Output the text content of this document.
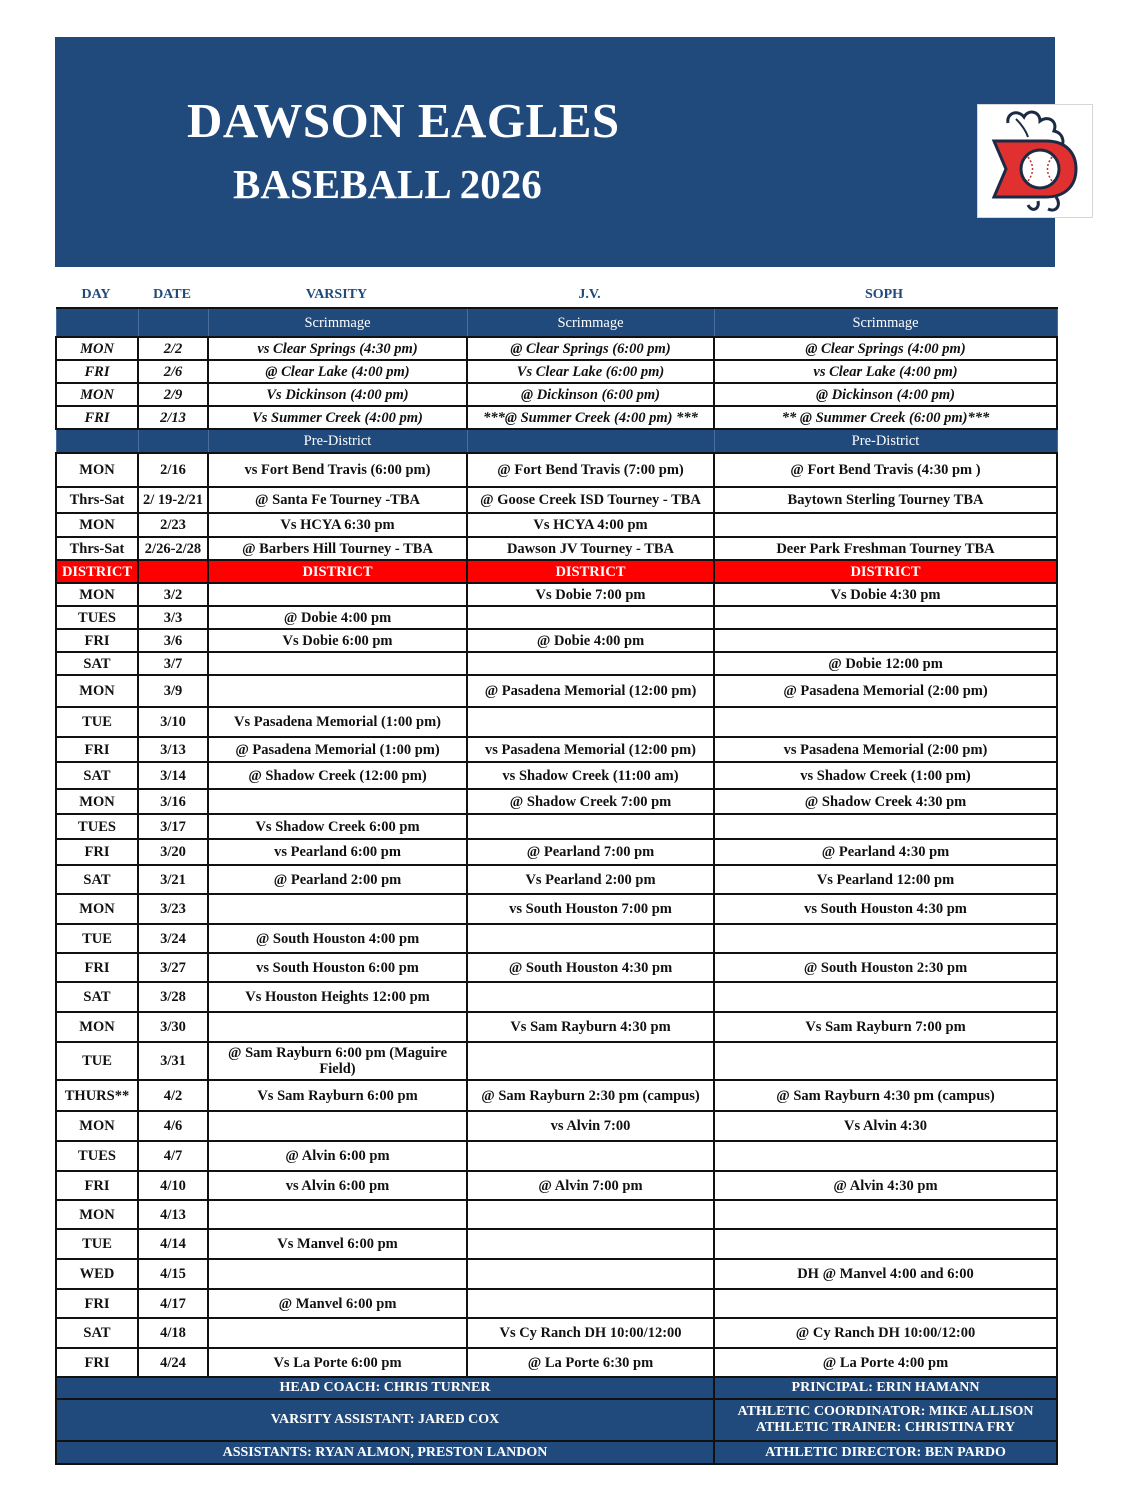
DAWSON EAGLES
BASEBALL 2026
DAY	DATE	VARSITY	J.V.	SOPH
		Scrimmage	Scrimmage	Scrimmage
MON	2/2	vs Clear Springs (4:30 pm)	@ Clear Springs (6:00 pm)	@ Clear Springs (4:00 pm)
FRI	2/6	@ Clear Lake (4:00 pm)	Vs Clear Lake (6:00 pm)	vs Clear Lake (4:00 pm)
MON	2/9	Vs Dickinson (4:00 pm)	@ Dickinson (6:00 pm)	@ Dickinson (4:00 pm)
FRI	2/13	Vs Summer Creek (4:00 pm)	***@ Summer Creek (4:00 pm) ***	** @ Summer Creek (6:00 pm)***
		Pre-District		Pre-District
MON	2/16	vs Fort Bend Travis (6:00 pm)	@ Fort Bend Travis (7:00 pm)	@ Fort Bend Travis (4:30 pm )
Thrs-Sat	2/ 19-2/21	@ Santa Fe Tourney -TBA	@ Goose Creek ISD Tourney - TBA	Baytown Sterling Tourney TBA
MON	2/23	Vs HCYA 6:30 pm	Vs HCYA 4:00 pm	
Thrs-Sat	2/26-2/28	@ Barbers Hill Tourney - TBA	Dawson JV Tourney - TBA	Deer Park Freshman Tourney TBA
DISTRICT		DISTRICT	DISTRICT	DISTRICT
MON	3/2		Vs Dobie 7:00 pm	Vs Dobie 4:30 pm
TUES	3/3	@ Dobie 4:00 pm		
FRI	3/6	Vs Dobie 6:00 pm	@ Dobie 4:00 pm	
SAT	3/7			@ Dobie 12:00 pm
MON	3/9		@ Pasadena Memorial (12:00 pm)	@ Pasadena Memorial (2:00 pm)
TUE	3/10	Vs Pasadena Memorial (1:00 pm)		
FRI	3/13	@ Pasadena Memorial (1:00 pm)	vs Pasadena Memorial (12:00 pm)	vs Pasadena Memorial (2:00 pm)
SAT	3/14	@ Shadow Creek (12:00 pm)	vs Shadow Creek (11:00 am)	vs Shadow Creek (1:00 pm)
MON	3/16		@ Shadow Creek 7:00 pm	@ Shadow Creek 4:30 pm
TUES	3/17	Vs Shadow Creek 6:00 pm		
FRI	3/20	vs Pearland 6:00 pm	@ Pearland 7:00 pm	@ Pearland 4:30 pm
SAT	3/21	@ Pearland 2:00 pm	Vs Pearland 2:00 pm	Vs Pearland 12:00 pm
MON	3/23		vs South Houston 7:00 pm	vs South Houston 4:30 pm
TUE	3/24	@ South Houston 4:00 pm		
FRI	3/27	vs South Houston 6:00 pm	@ South Houston 4:30 pm	@ South Houston 2:30 pm
SAT	3/28	Vs Houston Heights 12:00 pm		
MON	3/30		Vs Sam Rayburn 4:30 pm	Vs Sam Rayburn 7:00 pm
TUE	3/31	@ Sam Rayburn 6:00 pm (Maguire Field)		
THURS**	4/2	Vs Sam Rayburn 6:00 pm	@ Sam Rayburn 2:30 pm (campus)	@ Sam Rayburn 4:30 pm (campus)
MON	4/6		vs Alvin 7:00	Vs Alvin 4:30
TUES	4/7	@ Alvin 6:00 pm		
FRI	4/10	vs Alvin 6:00 pm	@ Alvin 7:00 pm	@ Alvin 4:30 pm
MON	4/13			
TUE	4/14	Vs Manvel 6:00 pm		
WED	4/15			DH @ Manvel 4:00 and 6:00
FRI	4/17	@ Manvel 6:00 pm		
SAT	4/18		Vs Cy Ranch DH 10:00/12:00	@ Cy Ranch DH 10:00/12:00
FRI	4/24	Vs La Porte 6:00 pm	@ La Porte 6:30 pm	@ La Porte 4:00 pm

HEAD COACH: CHRIS TURNER				PRINCIPAL: ERIN HAMANN

VARSITY ASSISTANT: JARED COX				ATHLETIC COORDINATOR: MIKE ALLISON
ATHLETIC TRAINER: CHRISTINA FRY

ASSISTANTS: RYAN ALMON, PRESTON LANDON				ATHLETIC DIRECTOR: BEN PARDO
